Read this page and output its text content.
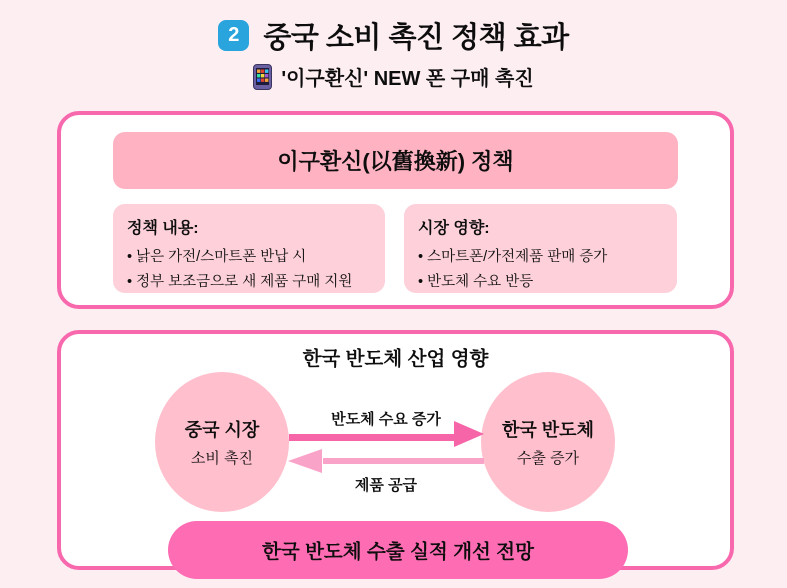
2 중국 소비 촉진 정책 효과
'이구환신' NEW 폰 구매 촉진
이구환신(以舊換新) 정책
정책 내용:
• 낡은 가전/스마트폰 반납 시
• 정부 보조금으로 새 제품 구매 지원
시장 영향:
• 스마트폰/가전제품 판매 증가
• 반도체 수요 반등
한국 반도체 산업 영향
중국 시장
소비 촉진
한국 반도체
수출 증가
반도체 수요 증가
제품 공급
한국 반도체 수출 실적 개선 전망
